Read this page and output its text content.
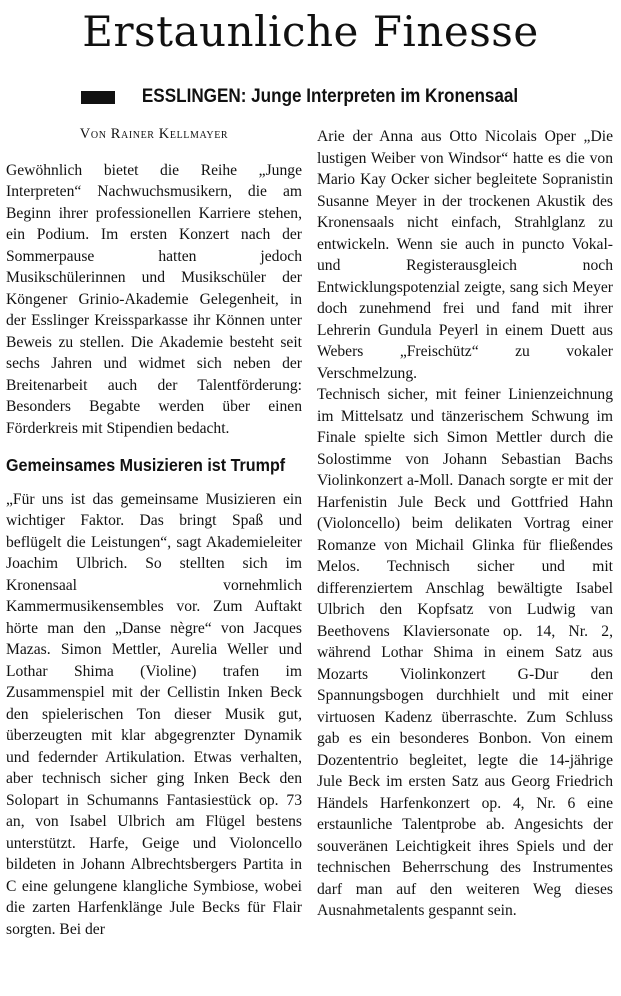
Erstaunliche Finesse
ESSLINGEN: Junge Interpreten im Kronensaal
Von Rainer Kellmayer

Gewöhnlich bietet die Reihe „Junge Interpreten“ Nachwuchsmusikern, die am Beginn ihrer professionellen Karriere stehen, ein Podium. Im ersten Konzert nach der Sommerpause hatten jedoch Musikschülerinnen und Musikschüler der Köngener Grinio-Akademie Gelegenheit, in der Esslinger Kreissparkasse ihr Können unter Beweis zu stellen. Die Akademie besteht seit sechs Jahren und widmet sich neben der Breitenarbeit auch der Talentförderung: Besonders Begabte werden über einen Förderkreis mit Stipendien bedacht.

Gemeinsames Musizieren ist Trumpf

„Für uns ist das gemeinsame Musizieren ein wichtiger Faktor. Das bringt Spaß und beflügelt die Leistungen“, sagt Akademieleiter Joachim Ulbrich. So stellten sich im Kronensaal vornehmlich Kammermusikensembles vor. Zum Auftakt hörte man den „Danse nègre“ von Jacques Mazas. Simon Mettler, Aurelia Weller und Lothar Shima (Violine) trafen im Zusammenspiel mit der Cellistin Inken Beck den spielerischen Ton dieser Musik gut, überzeugten mit klar abgegrenzter Dynamik und federnder Artikulation. Etwas verhalten, aber technisch sicher ging Inken Beck den Solopart in Schumanns Fantasiestück op. 73 an, von Isabel Ulbrich am Flügel bestens unterstützt. Harfe, Geige und Violoncello bildeten in Johann Albrechtsbergers Partita in C eine gelungene klangliche Symbiose, wobei die zarten Harfenklänge Jule Becks für Flair sorgten. Bei der

Arie der Anna aus Otto Nicolais Oper „Die lustigen Weiber von Windsor“ hatte es die von Mario Kay Ocker sicher begleitete Sopranistin Susanne Meyer in der trockenen Akustik des Kronensaals nicht einfach, Strahlglanz zu entwickeln. Wenn sie auch in puncto Vokal- und Registerausgleich noch Entwicklungspotenzial zeigte, sang sich Meyer doch zunehmend frei und fand mit ihrer Lehrerin Gundula Peyerl in einem Duett aus Webers „Freischütz“ zu vokaler Verschmelzung.

Technisch sicher, mit feiner Linienzeichnung im Mittelsatz und tänzerischem Schwung im Finale spielte sich Simon Mettler durch die Solostimme von Johann Sebastian Bachs Violinkonzert a-Moll. Danach sorgte er mit der Harfenistin Jule Beck und Gottfried Hahn (Violoncello) beim delikaten Vortrag einer Romanze von Michail Glinka für fließendes Melos. Technisch sicher und mit differenziertem Anschlag bewältigte Isabel Ulbrich den Kopfsatz von Ludwig van Beethovens Klaviersonate op. 14, Nr. 2, während Lothar Shima in einem Satz aus Mozarts Violinkonzert G-Dur den Spannungsbogen durchhielt und mit einer virtuosen Kadenz überraschte. Zum Schluss gab es ein besonderes Bonbon. Von einem Dozententrio begleitet, legte die 14-jährige Jule Beck im ersten Satz aus Georg Friedrich Händels Harfenkonzert op. 4, Nr. 6 eine erstaunliche Talentprobe ab. Angesichts der souveränen Leichtigkeit ihres Spiels und der technischen Beherrschung des Instrumentes darf man auf den weiteren Weg dieses Ausnahmetalents gespannt sein.
